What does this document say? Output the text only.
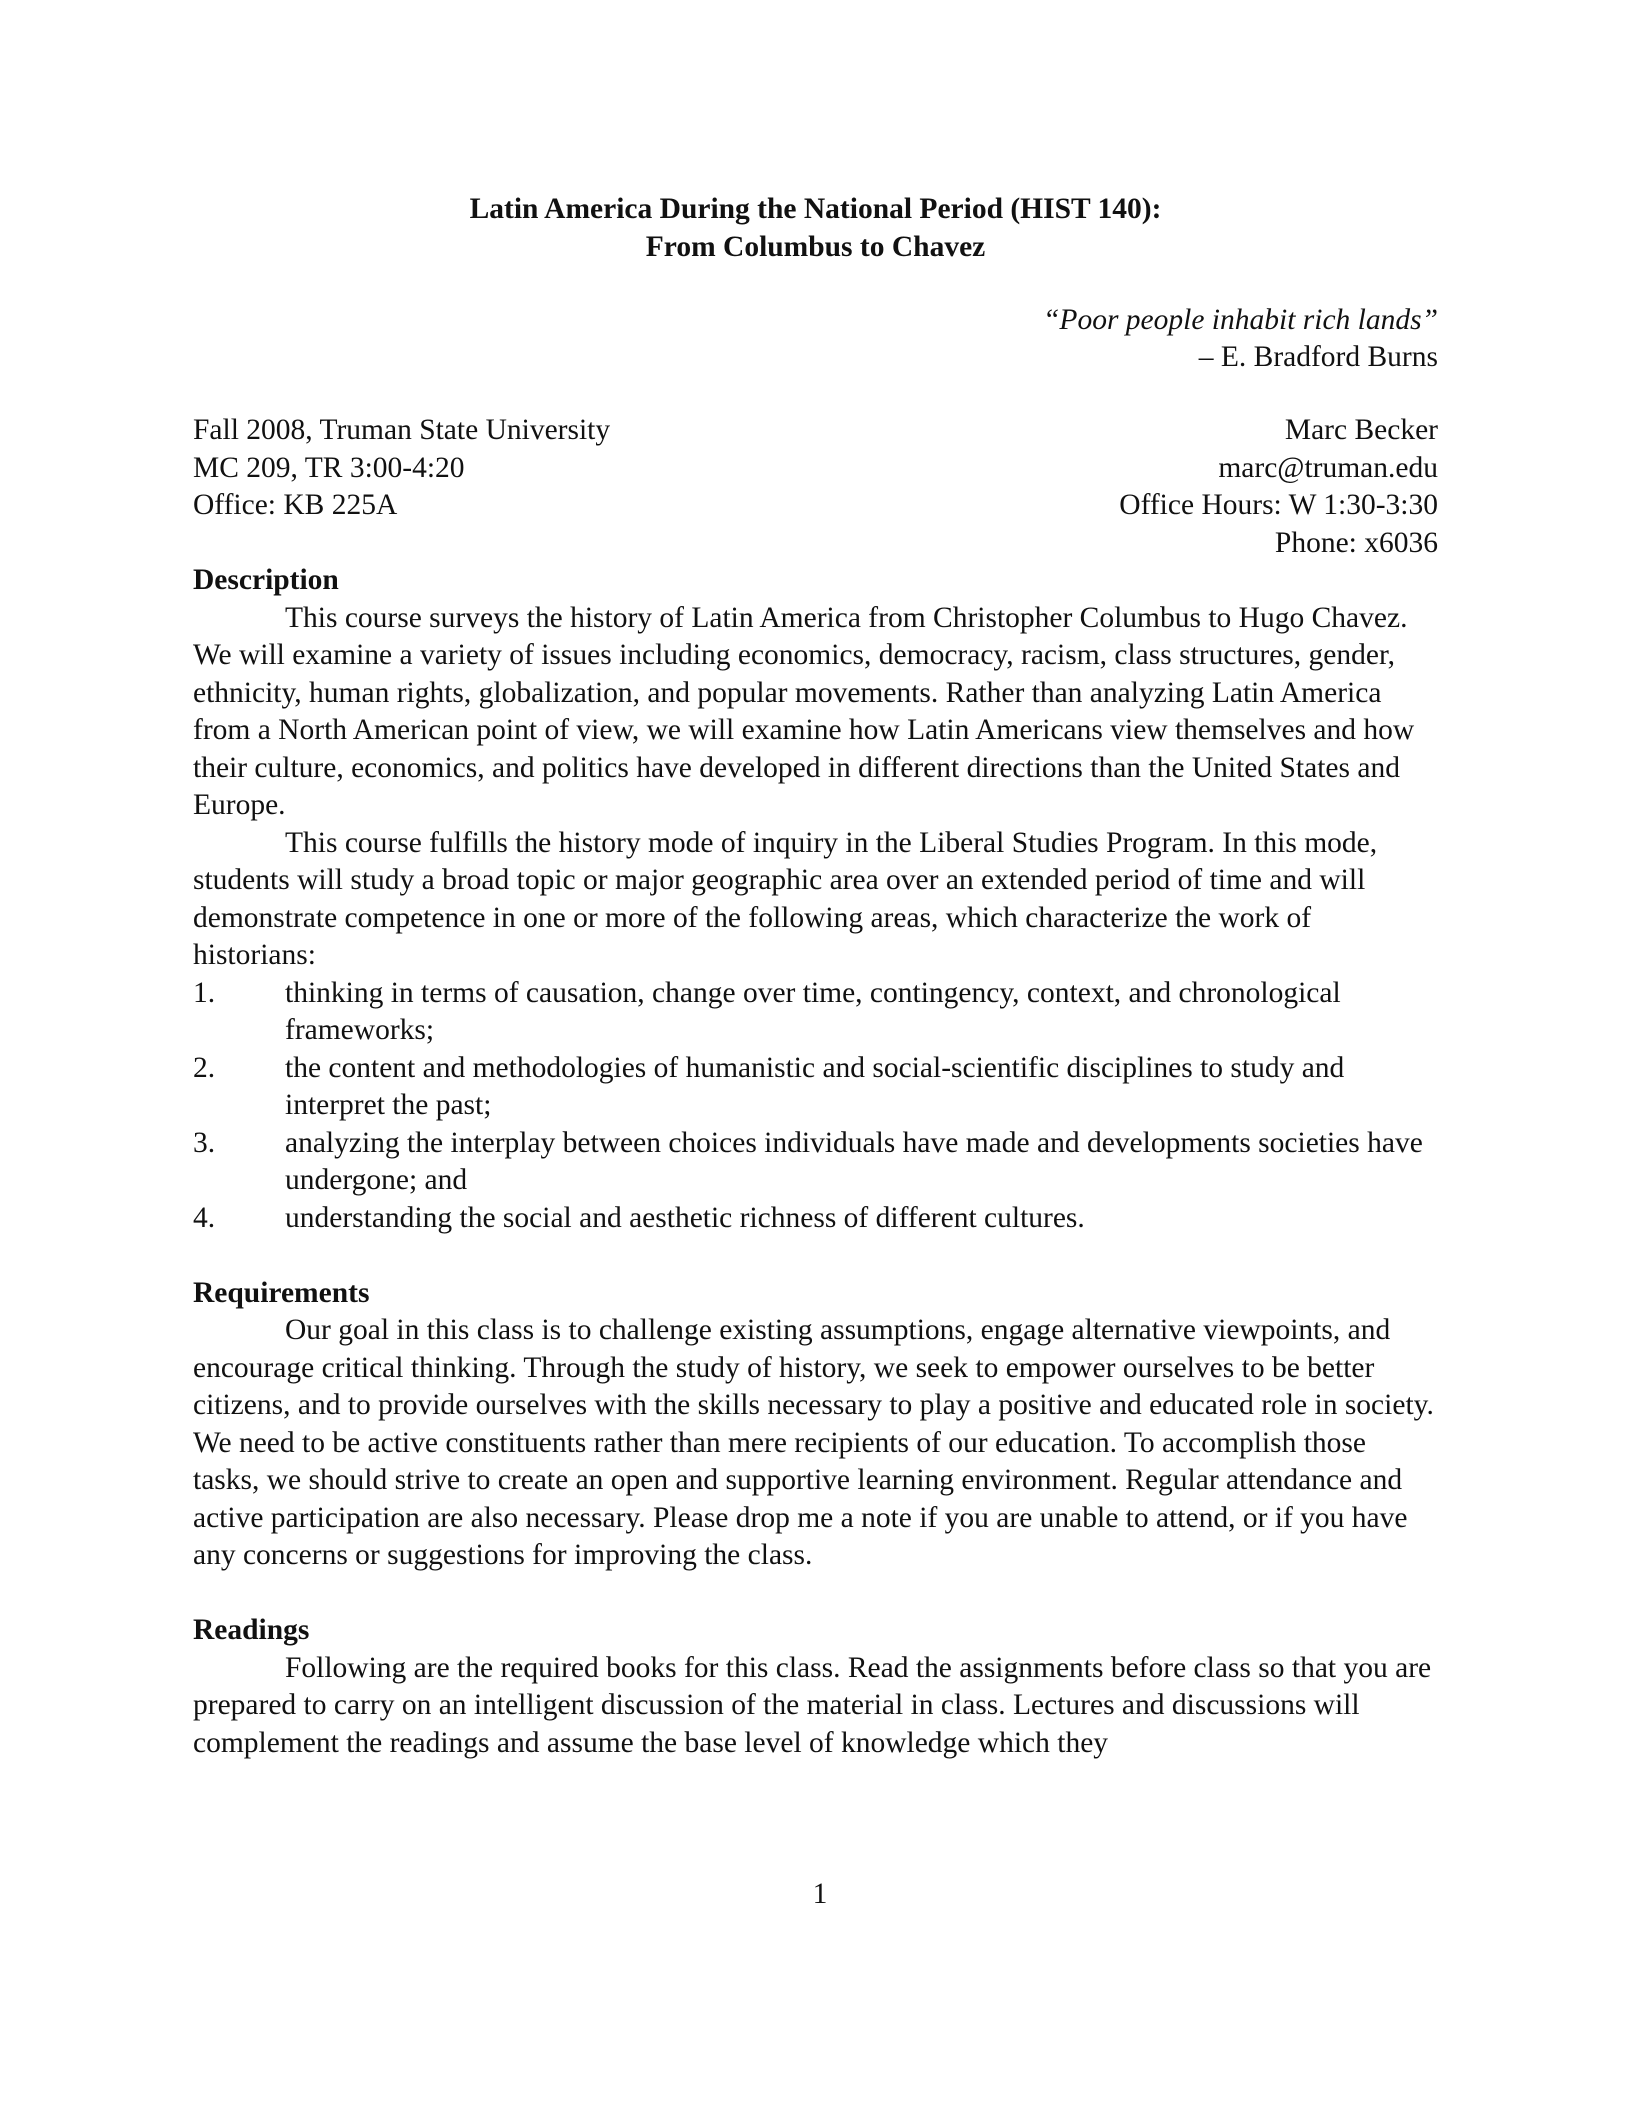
Latin America During the National Period (HIST 140):
From Columbus to Chavez
“Poor people inhabit rich lands”
– E. Bradford Burns
Fall 2008, Truman State University
MC 209, TR 3:00-4:20
Office: KB 225A
Marc Becker
marc@truman.edu
Office Hours: W 1:30-3:30
Phone: x6036
Description

This course surveys the history of Latin America from Christopher Columbus to Hugo Chavez. We will examine a variety of issues including economics, democracy, racism, class structures, gender, ethnicity, human rights, globalization, and popular movements. Rather than analyzing Latin America from a North American point of view, we will examine how Latin Americans view themselves and how their culture, economics, and politics have developed in different directions than the United States and Europe.

This course fulfills the history mode of inquiry in the Liberal Studies Program. In this mode, students will study a broad topic or major geographic area over an extended period of time and will demonstrate competence in one or more of the following areas, which characterize the work of historians:

1.	thinking in terms of causation, change over time, contingency, context, and chronological frameworks;
2.	the content and methodologies of humanistic and social-scientific disciplines to study and interpret the past;
3.	analyzing the interplay between choices individuals have made and developments societies have undergone; and
4.	understanding the social and aesthetic richness of different cultures.
Requirements

Our goal in this class is to challenge existing assumptions, engage alternative viewpoints, and encourage critical thinking. Through the study of history, we seek to empower ourselves to be better citizens, and to provide ourselves with the skills necessary to play a positive and educated role in society. We need to be active constituents rather than mere recipients of our education. To accomplish those tasks, we should strive to create an open and supportive learning environment. Regular attendance and active participation are also necessary. Please drop me a note if you are unable to attend, or if you have any concerns or suggestions for improving the class.

Readings

Following are the required books for this class. Read the assignments before class so that you are prepared to carry on an intelligent discussion of the material in class. Lectures and discussions will complement the readings and assume the base level of knowledge which they

1
